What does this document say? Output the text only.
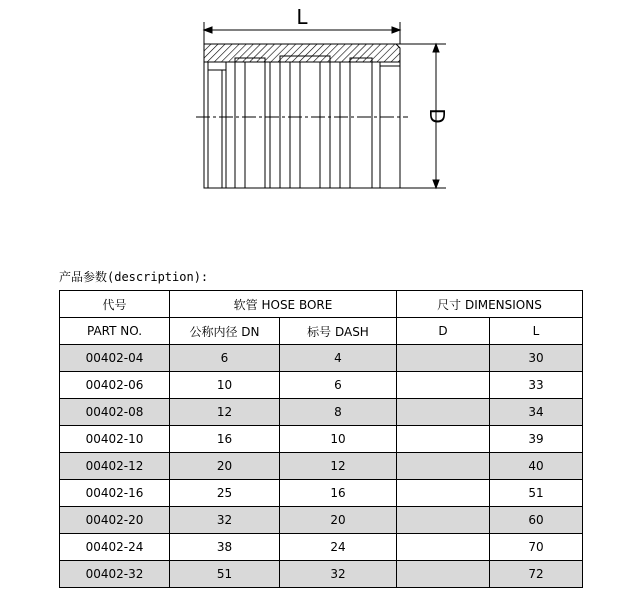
L
D
产品参数(description):
代号	软管 HOSE BORE		尺寸 DIMENSIONS	
PART NO.	公称内径 DN	标号 DASH	D	L
00402-04	6	4		30
00402-06	10	6		33
00402-08	12	8		34
00402-10	16	10		39
00402-12	20	12		40
00402-16	25	16		51
00402-20	32	20		60
00402-24	38	24		70
00402-32	51	32		72
